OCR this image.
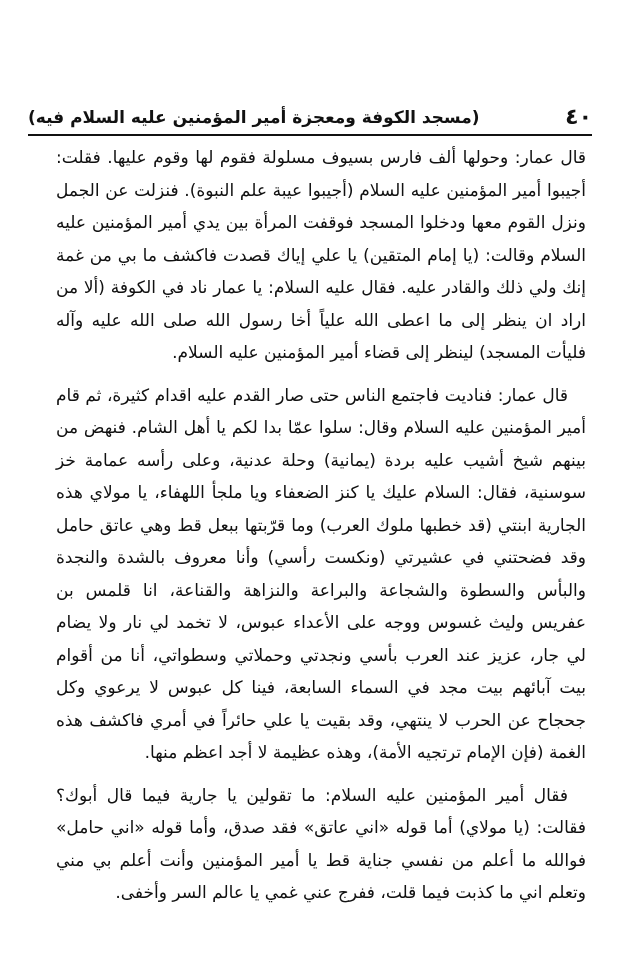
٤٠
(مسجد الكوفة ومعجزة أمير المؤمنين عليه السلام فيه)

قال عمار: وحولها ألف فارس بسيوف مسلولة فقوم لها وقوم عليها. فقلت: أجيبوا أمير المؤمنين عليه السلام (أجيبوا عيبة علم النبوة). فنزلت عن الجمل ونزل القوم معها ودخلوا المسجد فوقفت المرأة بين يدي أمير المؤمنين عليه السلام وقالت: (يا إمام المتقين) يا علي إياك قصدت فاكشف ما بي من غمة إنك ولي ذلك والقادر عليه. فقال عليه السلام: يا عمار ناد في الكوفة (ألا من اراد ان ينظر إلى ما اعطى الله علياً أخا رسول الله صلى الله عليه وآله فليأت المسجد) لينظر إلى قضاء أمير المؤمنين عليه السلام.

قال عمار: فناديت فاجتمع الناس حتى صار القدم عليه اقدام كثيرة، ثم قام أمير المؤمنين عليه السلام وقال: سلوا عمّا بدا لكم يا أهل الشام. فنهض من بينهم شيخ أشيب عليه بردة (يمانية) وحلة عدنية، وعلى رأسه عمامة خز سوسنية، فقال: السلام عليك يا كنز الضعفاء ويا ملجأ اللهفاء، يا مولاي هذه الجارية ابنتي (قد خطبها ملوك العرب) وما قرّبتها ببعل قط وهي عاتق حامل وقد فضحتني في عشيرتي (ونكست رأسي) وأنا معروف بالشدة والنجدة والبأس والسطوة والشجاعة والبراعة والنزاهة والقناعة، انا قلمس بن عفريس وليث غسوس ووجه على الأعداء عبوس، لا تخمد لي نار ولا يضام لي جار، عزيز عند العرب بأسي ونجدتي وحملاتي وسطواتي، أنا من أقوام بيت آبائهم بيت مجد في السماء السابعة، فينا كل عبوس لا يرعوي وكل جحجاح عن الحرب لا ينتهي، وقد بقيت يا علي حائراً في أمري فاكشف هذه الغمة (فإن الإمام ترتجيه الأمة)، وهذه عظيمة لا أجد اعظم منها.

فقال أمير المؤمنين عليه السلام: ما تقولين يا جارية فيما قال أبوك؟ فقالت: (يا مولاي) أما قوله «اني عاتق» فقد صدق، وأما قوله «اني حامل» فوالله ما أعلم من نفسي جناية قط يا أمير المؤمنين وأنت أعلم بي مني وتعلم اني ما كذبت فيما قلت، ففرج عني غمي يا عالم السر وأخفى.
